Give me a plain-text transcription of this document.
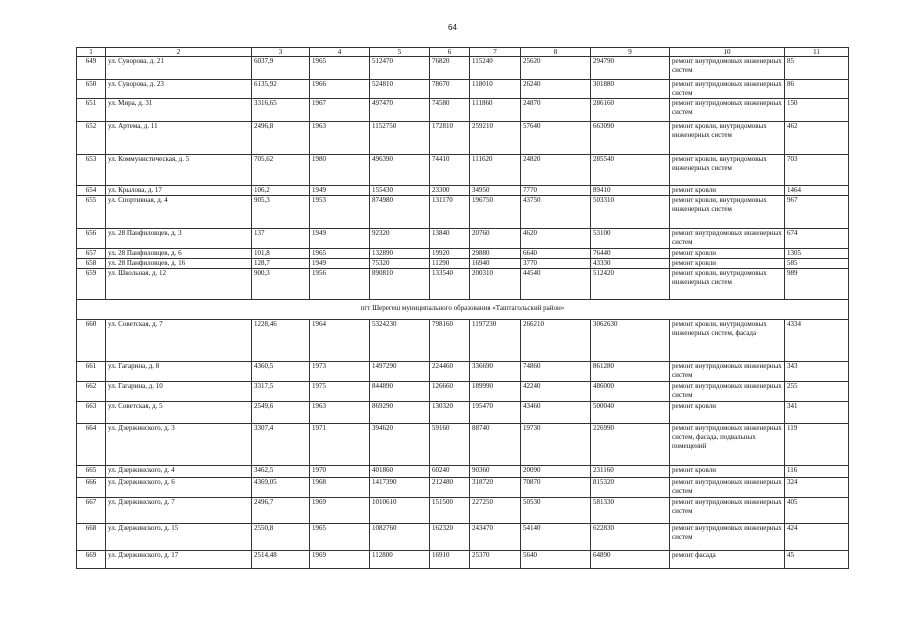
64
1	2	3	4	5	6	7	8	9	10	11
649	ул. Суворова, д. 21	6037,9	1965	512470	76820	115240	25620	294790	ремонт внутридомовых инженерных систем	85
650	ул. Суворова, д. 23	6135,92	1966	524810	78670	118010	26240	301880	ремонт внутридомовых инженерных систем	86
651	ул. Мира, д. 31	3316,65	1967	497470	74580	111860	24870	286160	ремонт внутридомовых инженерных систем	150
652	ул. Артема, д. 11	2496,8	1963	1152750	172810	259210	57640	663090	ремонт кровли, внутридомовых инженерных систем	462
653	ул. Коммунистическая, д. 5	705,62	1980	496390	74410	111620	24820	285540	ремонт кровли, внутридомовых инженерных систем	703
654	ул. Крылова, д. 17	106,2	1949	155430	23300	34950	7770	89410	ремонт кровли	1464
655	ул. Спортивная, д. 4	905,3	1953	874980	131170	196750	43750	503310	ремонт кровли, внутридомовых инженерных систем	967
656	ул. 28 Панфиловцев, д. 3	137	1949	92320	13840	20760	4620	53100	ремонт внутридомовых инженерных систем	674
657	ул. 28 Панфиловцев, д. 6	101,8	1965	132890	19920	29880	6640	76440	ремонт кровли	1305
658	ул. 28 Панфиловцев, д. 16	128,7	1949	75320	11290	16940	3770	43330	ремонт кровли	585
659	ул. Школьная, д. 12	900,3	1956	890810	133540	200310	44540	512420	ремонт кровли, внутридомовых инженерных систем	989
пгт Шерегеш муниципального образования «Таштагольский район»										
660	ул. Советская, д. 7	1228,46	1964	5324230	798160	1197230	266210	3062630	ремонт кровли, внутридомовых инженерных систем, фасада	4334
661	ул. Гагарина, д. 8	4360,5	1973	1497290	224460	336690	74860	861280	ремонт внутридомовых инженерных систем	343
662	ул. Гагарина, д. 10	3317,5	1975	844890	126660	189990	42240	486000	ремонт внутридомовых инженерных систем	255
663	ул. Советская, д. 5	2549,6	1963	869290	130320	195470	43460	500040	ремонт кровли	341
664	ул. Дзержинского, д. 3	3307,4	1971	394620	59160	88740	19730	226990	ремонт внутридомовых инженерных систем, фасада, подвальных помещений	119
665	ул. Дзержинского, д. 4	3462,5	1970	401860	60240	90360	20090	231160	ремонт кровли	116
666	ул. Дзержинского, д. 6	4369,05	1968	1417390	212480	318720	70870	815320	ремонт внутридомовых инженерных систем	324
667	ул. Дзержинского, д. 7	2496,7	1969	1010610	151500	227250	50530	581330	ремонт внутридомовых инженерных систем	405
668	ул. Дзержинского, д. 15	2550,8	1965	1082760	162320	243470	54140	622830	ремонт внутридомовых инженерных систем	424
669	ул. Дзержинского, д. 17	2514,48	1969	112800	16910	25370	5640	64890	ремонт фасада	45
